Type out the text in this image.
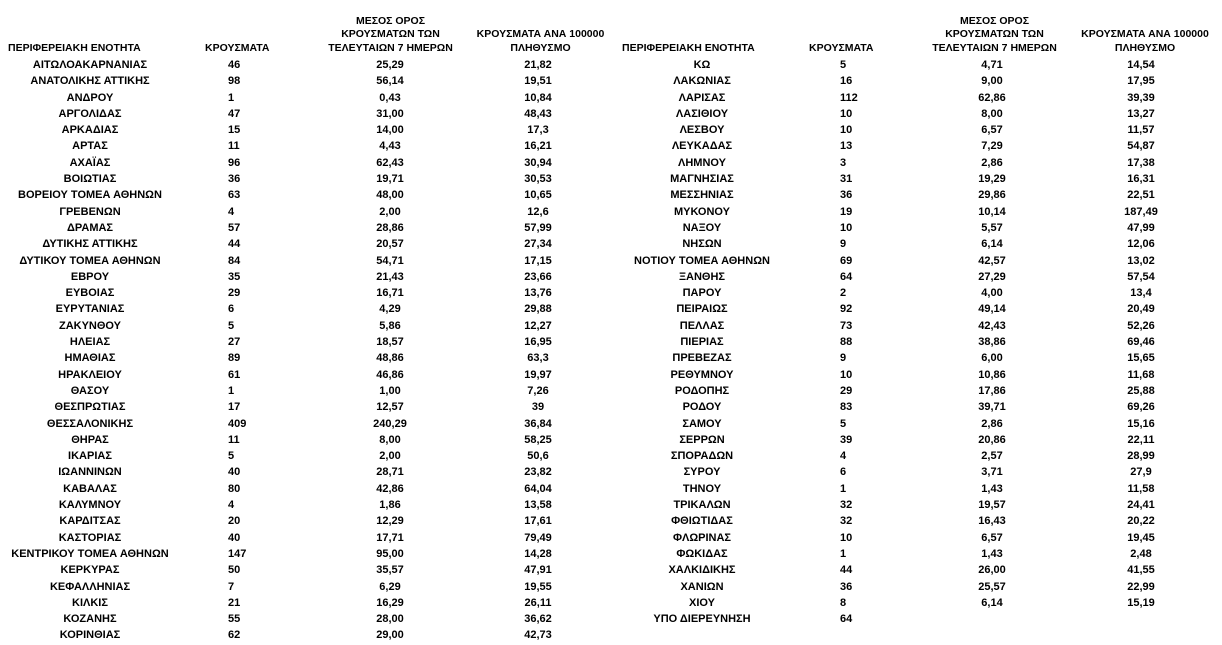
ΠΕΡΙΦΕΡΕΙΑΚΗ ΕΝΟΤΗΤΑ	ΚΡΟΥΣΜΑΤΑ
ΜΕΣΟΣ ΟΡΟΣ
ΚΡΟΥΣΜΑΤΩΝ ΤΩΝ
ΤΕΛΕΥΤΑΙΩΝ 7 ΗΜΕΡΩΝ
ΚΡΟΥΣΜΑΤΑ ΑΝΑ 100000
ΠΛΗΘΥΣΜΟ
ΑΙΤΩΛΟΑΚΑΡΝΑΝΙΑΣ	46	25,29	21,82
ΑΝΑΤΟΛΙΚΗΣ ΑΤΤΙΚΗΣ	98	56,14	19,51
ΑΝΔΡΟΥ	1	0,43	10,84
ΑΡΓΟΛΙΔΑΣ	47	31,00	48,43
ΑΡΚΑΔΙΑΣ	15	14,00	17,3
ΑΡΤΑΣ	11	4,43	16,21
ΑΧΑΪΑΣ	96	62,43	30,94
ΒΟΙΩΤΙΑΣ	36	19,71	30,53
ΒΟΡΕΙΟΥ ΤΟΜΕΑ ΑΘΗΝΩΝ	63	48,00	10,65
ΓΡΕΒΕΝΩΝ	4	2,00	12,6
ΔΡΑΜΑΣ	57	28,86	57,99
ΔΥΤΙΚΗΣ ΑΤΤΙΚΗΣ	44	20,57	27,34
ΔΥΤΙΚΟΥ ΤΟΜΕΑ ΑΘΗΝΩΝ	84	54,71	17,15
ΕΒΡΟΥ	35	21,43	23,66
ΕΥΒΟΙΑΣ	29	16,71	13,76
ΕΥΡΥΤΑΝΙΑΣ	6	4,29	29,88
ΖΑΚΥΝΘΟΥ	5	5,86	12,27
ΗΛΕΙΑΣ	27	18,57	16,95
ΗΜΑΘΙΑΣ	89	48,86	63,3
ΗΡΑΚΛΕΙΟΥ	61	46,86	19,97
ΘΑΣΟΥ	1	1,00	7,26
ΘΕΣΠΡΩΤΙΑΣ	17	12,57	39
ΘΕΣΣΑΛΟΝΙΚΗΣ	409	240,29	36,84
ΘΗΡΑΣ	11	8,00	58,25
ΙΚΑΡΙΑΣ	5	2,00	50,6
ΙΩΑΝΝΙΝΩΝ	40	28,71	23,82
ΚΑΒΑΛΑΣ	80	42,86	64,04
ΚΑΛΥΜΝΟΥ	4	1,86	13,58
ΚΑΡΔΙΤΣΑΣ	20	12,29	17,61
ΚΑΣΤΟΡΙΑΣ	40	17,71	79,49
ΚΕΝΤΡΙΚΟΥ ΤΟΜΕΑ ΑΘΗΝΩΝ	147	95,00	14,28
ΚΕΡΚΥΡΑΣ	50	35,57	47,91
ΚΕΦΑΛΛΗΝΙΑΣ	7	6,29	19,55
ΚΙΛΚΙΣ	21	16,29	26,11
ΚΟΖΑΝΗΣ	55	28,00	36,62
ΚΟΡΙΝΘΙΑΣ	62	29,00	42,73
ΠΕΡΙΦΕΡΕΙΑΚΗ ΕΝΟΤΗΤΑ	ΚΡΟΥΣΜΑΤΑ
ΜΕΣΟΣ ΟΡΟΣ
ΚΡΟΥΣΜΑΤΩΝ ΤΩΝ
ΤΕΛΕΥΤΑΙΩΝ 7 ΗΜΕΡΩΝ
ΚΡΟΥΣΜΑΤΑ ΑΝΑ 100000
ΠΛΗΘΥΣΜΟ
ΚΩ	5	4,71	14,54
ΛΑΚΩΝΙΑΣ	16	9,00	17,95
ΛΑΡΙΣΑΣ	112	62,86	39,39
ΛΑΣΙΘΙΟΥ	10	8,00	13,27
ΛΕΣΒΟΥ	10	6,57	11,57
ΛΕΥΚΑΔΑΣ	13	7,29	54,87
ΛΗΜΝΟΥ	3	2,86	17,38
ΜΑΓΝΗΣΙΑΣ	31	19,29	16,31
ΜΕΣΣΗΝΙΑΣ	36	29,86	22,51
ΜΥΚΟΝΟΥ	19	10,14	187,49
ΝΑΞΟΥ	10	5,57	47,99
ΝΗΣΩΝ	9	6,14	12,06
ΝΟΤΙΟΥ ΤΟΜΕΑ ΑΘΗΝΩΝ	69	42,57	13,02
ΞΑΝΘΗΣ	64	27,29	57,54
ΠΑΡΟΥ	2	4,00	13,4
ΠΕΙΡΑΙΩΣ	92	49,14	20,49
ΠΕΛΛΑΣ	73	42,43	52,26
ΠΙΕΡΙΑΣ	88	38,86	69,46
ΠΡΕΒΕΖΑΣ	9	6,00	15,65
ΡΕΘΥΜΝΟΥ	10	10,86	11,68
ΡΟΔΟΠΗΣ	29	17,86	25,88
ΡΟΔΟΥ	83	39,71	69,26
ΣΑΜΟΥ	5	2,86	15,16
ΣΕΡΡΩΝ	39	20,86	22,11
ΣΠΟΡΑΔΩΝ	4	2,57	28,99
ΣΥΡΟΥ	6	3,71	27,9
ΤΗΝΟΥ	1	1,43	11,58
ΤΡΙΚΑΛΩΝ	32	19,57	24,41
ΦΘΙΩΤΙΔΑΣ	32	16,43	20,22
ΦΛΩΡΙΝΑΣ	10	6,57	19,45
ΦΩΚΙΔΑΣ	1	1,43	2,48
ΧΑΛΚΙΔΙΚΗΣ	44	26,00	41,55
ΧΑΝΙΩΝ	36	25,57	22,99
ΧΙΟΥ	8	6,14	15,19
ΥΠΟ ΔΙΕΡΕΥΝΗΣΗ	64
